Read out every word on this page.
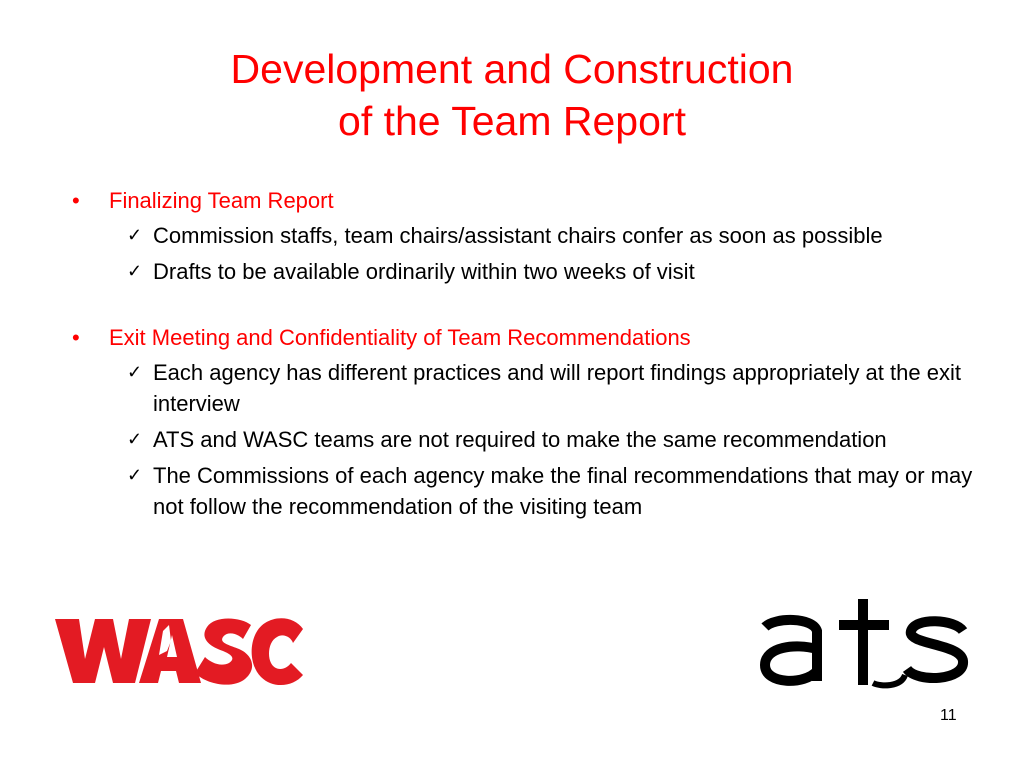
Development and Construction
of the Team Report
• Finalizing Team Report
✓ Commission staffs, team chairs/assistant chairs confer as soon as possible
✓ Drafts to be available ordinarily within two weeks of visit
• Exit Meeting and Confidentiality of Team Recommendations
✓ Each agency has different practices and will report findings appropriately at the exit interview
✓ ATS and WASC teams are not required to make the same recommendation
✓ The Commissions of each agency make the final recommendations that may or may not follow the recommendation of the visiting team
11
